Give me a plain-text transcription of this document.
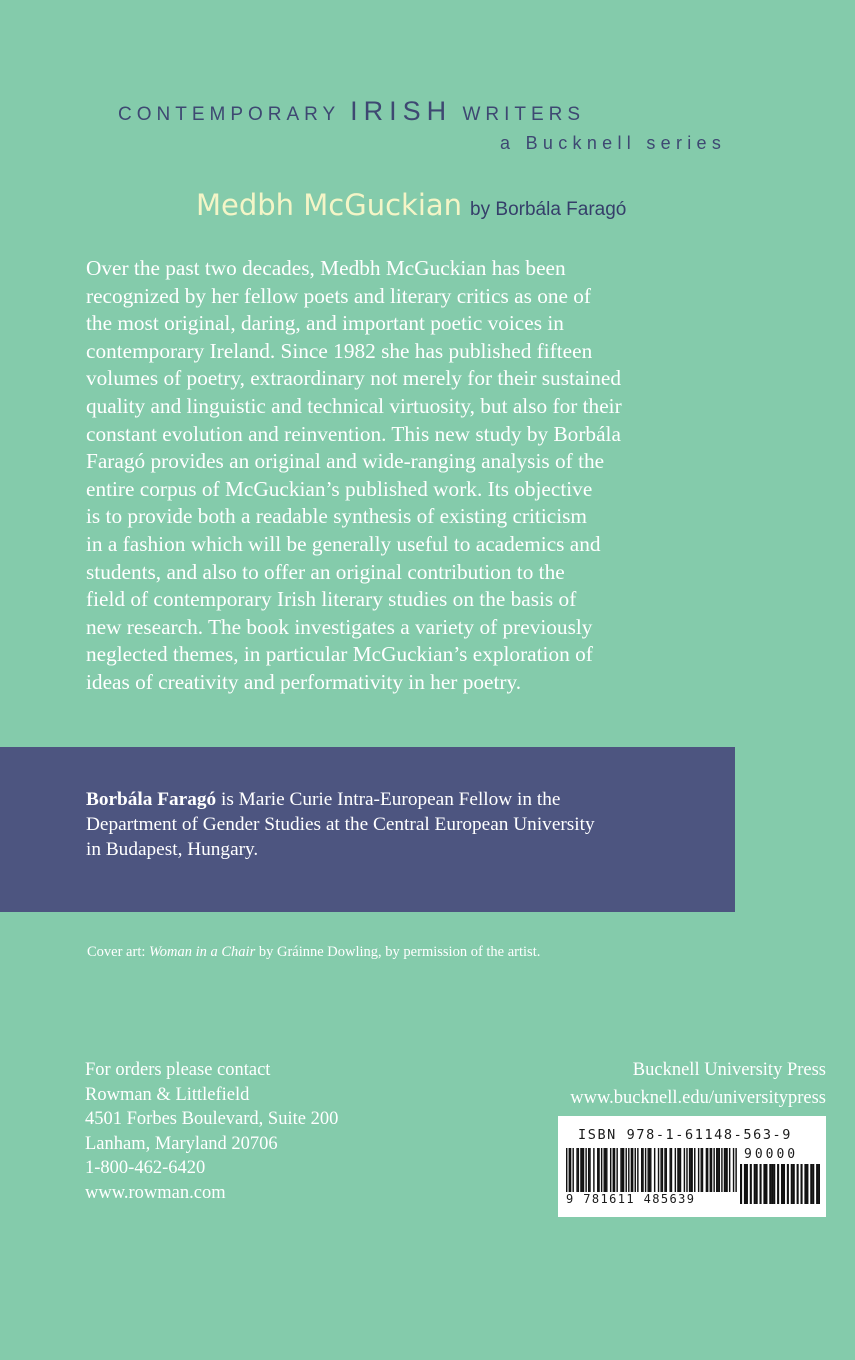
CONTEMPORARY IRISH WRITERS
a Bucknell series
Medbh McGuckian by Borbála Faragó
Over the past two decades, Medbh McGuckian has been
recognized by her fellow poets and literary critics as one of
the most original, daring, and important poetic voices in
contemporary Ireland. Since 1982 she has published fifteen
volumes of poetry, extraordinary not merely for their sustained
quality and linguistic and technical virtuosity, but also for their
constant evolution and reinvention. This new study by Borbála
Faragó provides an original and wide-ranging analysis of the
entire corpus of McGuckian’s published work. Its objective
is to provide both a readable synthesis of existing criticism
in a fashion which will be generally useful to academics and
students, and also to offer an original contribution to the
field of contemporary Irish literary studies on the basis of
new research. The book investigates a variety of previously
neglected themes, in particular McGuckian’s exploration of
ideas of creativity and performativity in her poetry.
Borbála Faragó is Marie Curie Intra-European Fellow in the
Department of Gender Studies at the Central European University
in Budapest, Hungary.
Cover art: Woman in a Chair by Gráinne Dowling, by permission of the artist.
For orders please contact
Rowman & Littlefield
4501 Forbes Boulevard, Suite 200
Lanham, Maryland 20706
1-800-462-6420
www.rowman.com
Bucknell University Press
www.bucknell.edu/universitypress
ISBN 978-1-61148-563-9
90000
9 781611 485639
